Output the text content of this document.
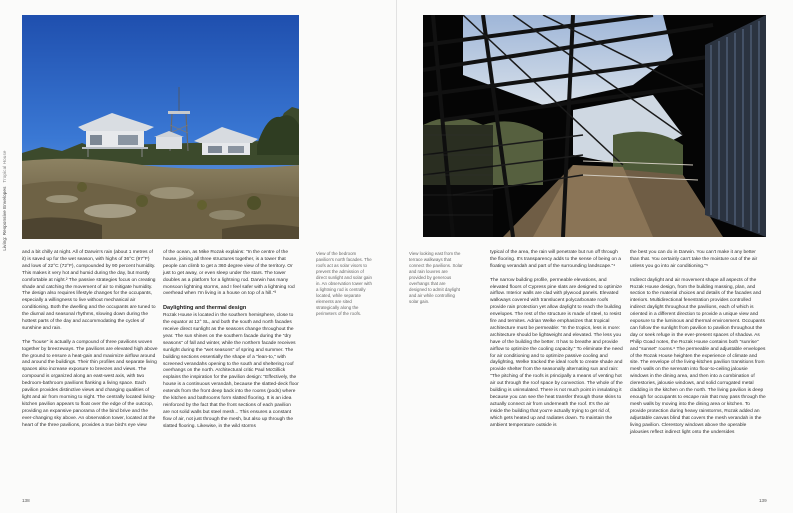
Living: Responsive Envelopes Tropical House
View of the bedroom pavilion's north facades. The roofs act as solar visors to prevent the admission of direct sunlight and solar gain in. An observation tower with a lightning rod is centrally located, while separate elements are sited strategically along the perimeters of the roofs.

and a bit chilly at night. All of Darwin's rain (about 1 metres of it) is saved up for the wet season, with highs of 36°C (97°F) and lows of 22°C (72°F), compounded by 90 percent humidity. This makes it very hot and humid during the day, but mostly comfortable at night.² The passive strategies focus on creating shade and catching the movement of air to mitigate humidity. The design also requires lifestyle changes for the occupants, especially a willingness to live without mechanical air conditioning. Both the dwelling and the occupants are tuned to the diurnal and seasonal rhythms, slowing down during the hottest parts of the day and accommodating the cycles of sunshine and rain.

The "house" is actually a compound of three pavilions woven together by breezeways. The pavilions are elevated high above the ground to ensure a heat-gain and maximize airflow around and around the buildings. Their thin profiles and separate living spaces also increase exposure to breezes and views. The compound is organized along an east-west axis, with two bedroom-bathroom pavilions flanking a living space. Each pavilion provides distinctive views and changing qualities of light and air from morning to night. The centrally located living-kitchen pavilion appears to float over the edge of the outcrop, providing an expansive panorama of the bind brive and the ever-changing sky above. An observation tower, located at the heart of the three pavilions, provides a true bird's eye view

of the ocean, as Mike Rozak explains: "In the centre of the house, joining all three structures together, is a tower that people can climb to get a 360 degree view of the territory. Or just to get away, or even sleep under the stars. The tower doubles as a platform for a lightning rod. Darwin has many monsoon lightning storms, and I feel safer with a lightning rod overhead when I'm living in a house on top of a hill."³

Daylighting and thermal design

Rozak House is located in the southern hemisphere, close to the equator at 12° SL, and both the south and north facades receive direct sunlight as the seasons change throughout the year. The sun shines on the southern facade during the "dry seasons" of fall and winter, while the northern facade receives sunlight during the "wet seasons" of spring and summer. The building sections essentially the shape of a "lean-to," with screened verandahs opening to the south and sheltering roof overhangs on the north. Architectural critic Paul McGillick explains the inspiration for the pavilion design: "Effectively, the house is a continuous verandah, because the slatted-deck floor extends from the front deep back into the rooms (pods) where the kitchen and bathrooms form slatted flooring. It is an idea reinforced by the fact that the front sections of each pavilion are not solid walls but steel mesh... This ensures a constant flow of air, not just through the mesh, but also up through the slatted flooring. Likewise, in the wild storms

138
View looking east from the terrace walkways that connect the pavilions. Solar and rain louvres are provided by generous overhangs that are designed to admit daylight and air while controlling solar gain.

typical of the area, the rain will penetrate but run off through the flooring. It's transparency adds to the sense of being on a floating verandah and part of the surrounding landscape."⁴

The narrow building profile, permeable elevations, and elevated floors of Cypress pine slats are designed to optimize airflow. Interior walls are clad with plywood panels. Elevated walkways covered with translucent polycarbonate roofs provide rain protection yet allow daylight to reach the building envelopes. The rest of the structure is made of steel, to resist fire and termites. Adrian Welke emphasizes that tropical architecture must be permeable: "In the tropics, less is more: architecture should be lightweight and elevated. The less you have of the building the better. It has to breathe and provide airflow to optimize the cooling capacity." To eliminate the need for air conditioning and to optimize passive cooling and daylighting, Welke tracked the ideal roofs to create shade and provide shelter from the seasonally alternating sun and rain: "The pitching of the roofs is principally a means of venting hot air out through the roof space by convection. The whole of the building is uninsulated. There is not much point in insulating it because you can see the heat transfer through those skins to actually connect air from underneath the roof. It's the air inside the building that you're actually trying to get rid of, which gets heated up and radiates down. To maintain the ambient temperature outside is

the best you can do in Darwin. You can't make it any better than that. You certainly can't take the moisture out of the air unless you go into air conditioning."⁵

Indirect daylight and air movement shape all aspects of the Rozak House design, from the building massing, plan, and section to the material choices and details of the facades and interiors. Multidirectional fenestration provides controlled indirect daylight throughout the pavilions, each of which is oriented in a different direction to provide a unique view and exposure to the luminous and thermal environment. Occupants can follow the sunlight from pavilion to pavilion throughout the day or seek refuge in the ever-present spaces of shadow. As Philip Goad notes, the Rozak House contains both "sunrise" and "sunset" rooms.⁶ The permeable and adjustable envelopes of the Rozak House heighten the experience of climate and site. The envelope of the living-kitchen pavilion transitions from mesh walls on the serenatn into floor-to-ceiling jalousie windows in the dining area, and then into a combination of clerestories, jalousie windows, and solid corrugated metal cladding in the kitchen on the north. The living pavilion is deep enough for occupants to escape rain that may pass through the mesh walls by moving into the dining area or kitchen. To provide protection during heavy rainstorms, Rozak added an adjustable canvas blind that covers the mesh verandah in the living pavilion. Clerestory windows above the operable jalousies reflect indirect light onto the undersides

139
